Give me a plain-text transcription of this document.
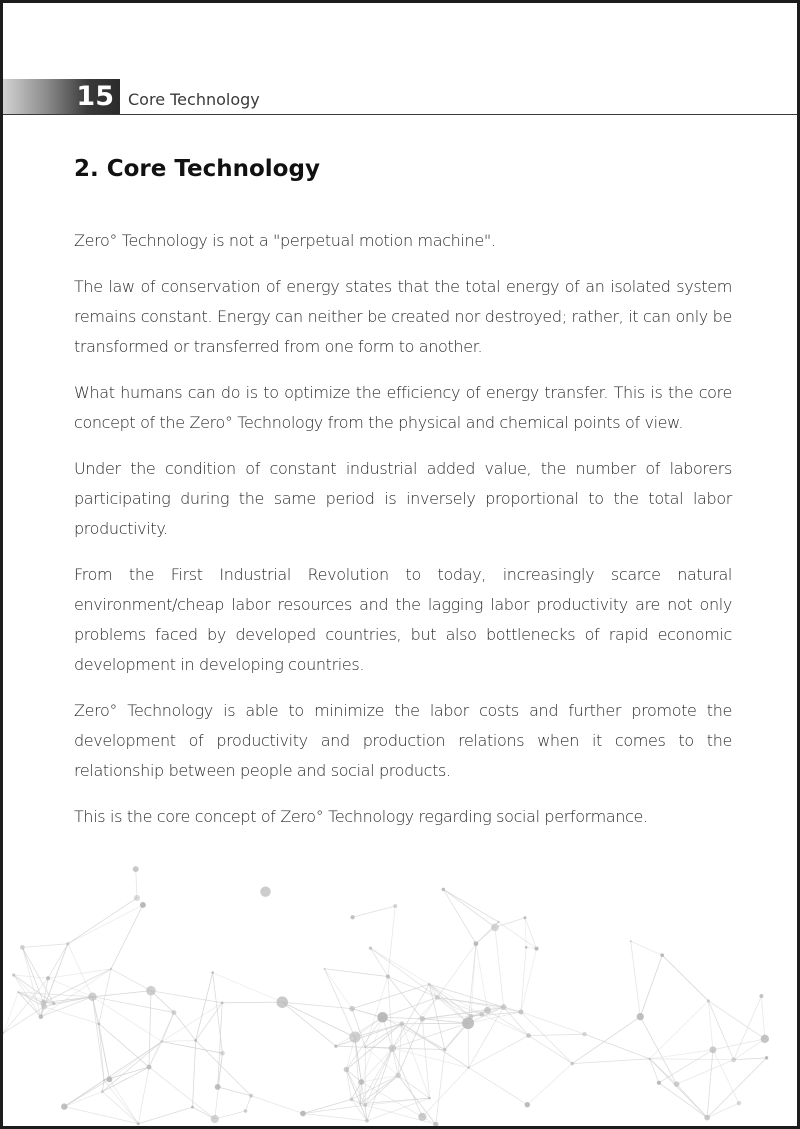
15 Core Technology
2. Core Technology

Zero° Technology is not a "perpetual motion machine".

The law of conservation of energy states that the total energy of an isolated system remains constant. Energy can neither be created nor destroyed; rather, it can only be transformed or transferred from one form to another.

What humans can do is to optimize the efficiency of energy transfer. This is the core concept of the Zero° Technology from the physical and chemical points of view.

Under the condition of constant industrial added value, the number of laborers participating during the same period is inversely proportional to the total labor productivity.

From the First Industrial Revolution to today, increasingly scarce natural environment/cheap labor resources and the lagging labor productivity are not only problems faced by developed countries, but also bottlenecks of rapid economic development in developing countries.

Zero° Technology is able to minimize the labor costs and further promote the development of productivity and production relations when it comes to the relationship between people and social products.

This is the core concept of Zero° Technology regarding social performance.
